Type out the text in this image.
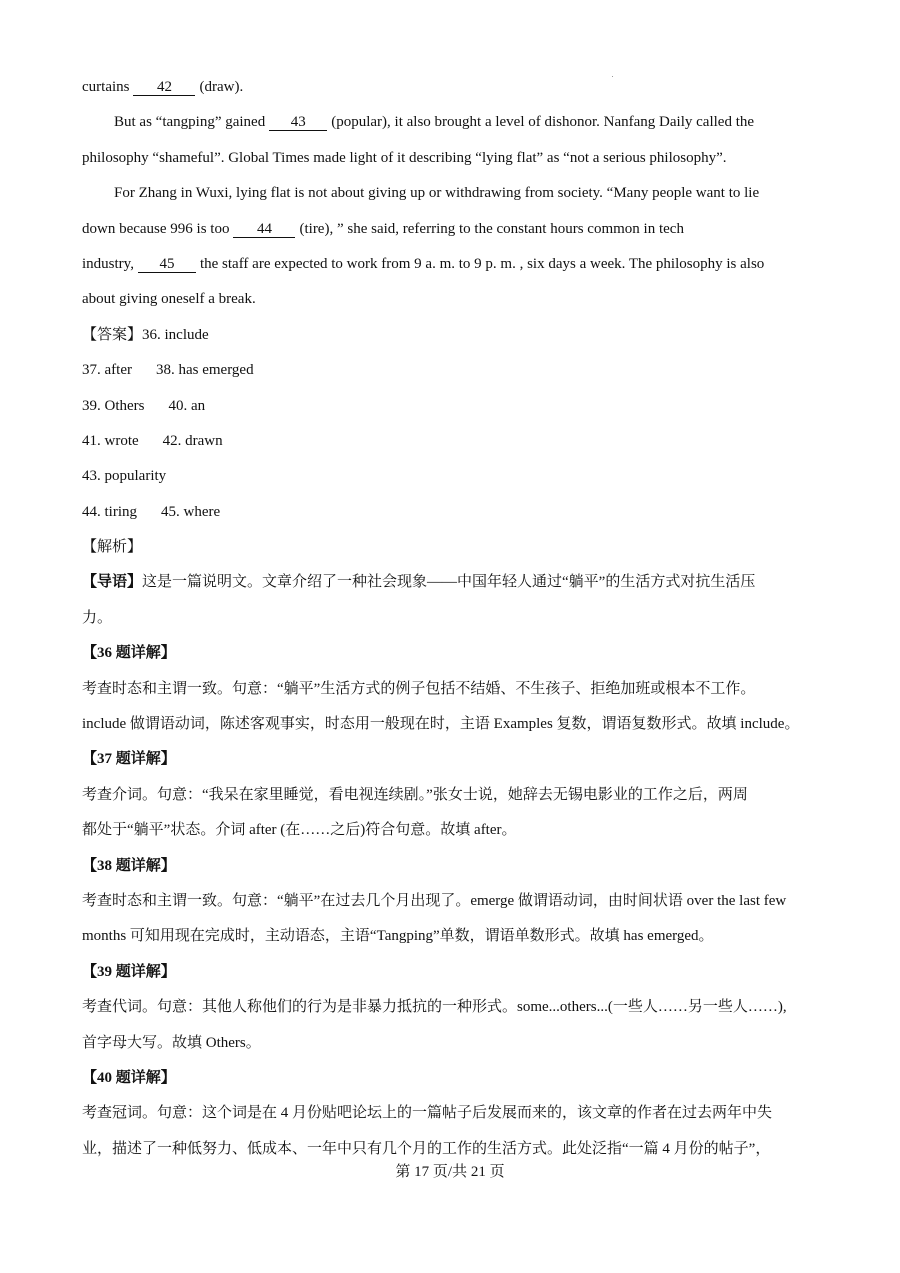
curtains 42 (draw).
But as “tangping” gained 43 (popular), it also brought a level of dishonor. Nanfang Daily called the
philosophy “shameful”. Global Times made light of it describing “lying flat” as “not a serious philosophy”.
For Zhang in Wuxi, lying flat is not about giving up or withdrawing from society. “Many people want to lie
down because 996 is too 44 (tire), ” she said, referring to the constant hours common in tech
industry, 45 the staff are expected to work from 9 a. m. to 9 p. m. , six days a week. The philosophy is also
about giving oneself a break.
【答案】36. include
37. after 38. has emerged
39. Others 40. an
41. wrote 42. drawn
43. popularity
44. tiring 45. where
【解析】
【导语】这是一篇说明文。文章介绍了一种社会现象——中国年轻人通过“躺平”的生活方式对抗生活压
力。
【36 题详解】
考查时态和主谓一致。句意：“躺平”生活方式的例子包括不结婚、不生孩子、拒绝加班或根本不工作。
include 做谓语动词，陈述客观事实，时态用一般现在时，主语 Examples 复数，谓语复数形式。故填 include。
【37 题详解】
考查介词。句意：“我呆在家里睡觉，看电视连续剧。”张女士说，她辞去无锡电影业的工作之后，两周
都处于“躺平”状态。介词 after (在……之后)符合句意。故填 after。
【38 题详解】
考查时态和主谓一致。句意：“躺平”在过去几个月出现了。emerge 做谓语动词，由时间状语 over the last few
months 可知用现在完成时，主动语态，主语“Tangping”单数，谓语单数形式。故填 has emerged。
【39 题详解】
考查代词。句意：其他人称他们的行为是非暴力抵抗的一种形式。some...others...(一些人……另一些人……),
首字母大写。故填 Others。
【40 题详解】
考查冠词。句意：这个词是在 4 月份贴吧论坛上的一篇帖子后发展而来的，该文章的作者在过去两年中失
业，描述了一种低努力、低成本、一年中只有几个月的工作的生活方式。此处泛指“一篇 4 月份的帖子”，
第 17 页/共 21 页
